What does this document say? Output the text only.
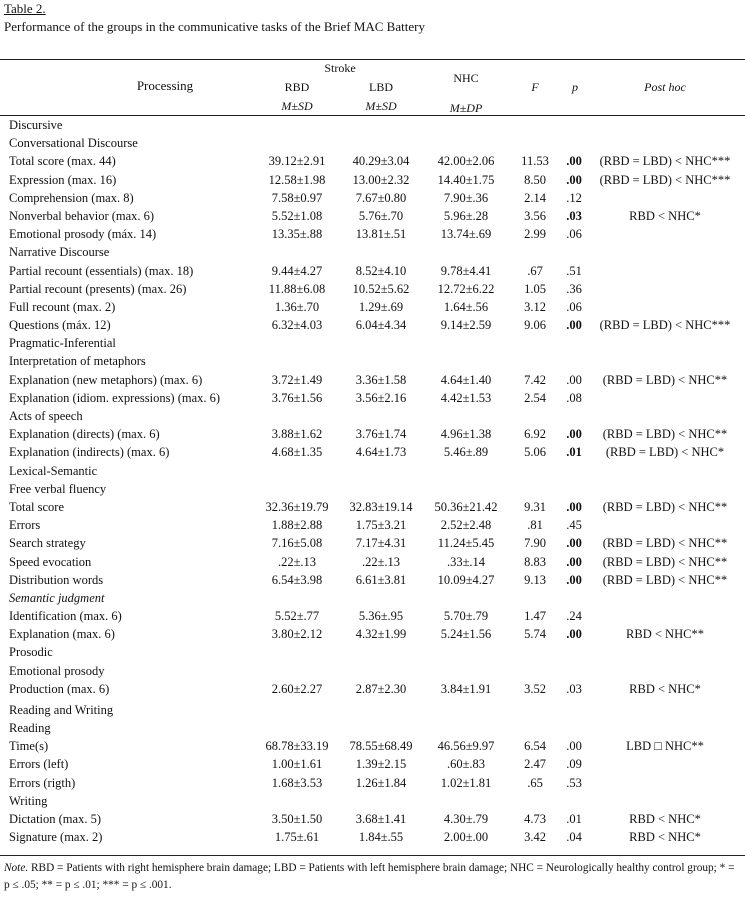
Table 2.
Performance of the groups in the communicative tasks of the Brief MAC Battery
Processing
Stroke
RBD	LBD
NHC
M±SD	M±SD	M±DP
F	p	Post hoc
Discursive
Conversational Discourse
Total score (max. 44)	39.12±2.91 40.29±3.04 42.00±2.06 11.53 .00 (RBD = LBD) < NHC***
Expression (max. 16)	12.58±1.98 13.00±2.32 14.40±1.75 8.50 .00 (RBD = LBD) < NHC***
Comprehension (max. 8)	7.58±0.97	7.67±0.80	7.90±.36	2.14 .12
Nonverbal behavior (max. 6)	5.52±1.08	5.76±.70	5.96±.28	3.56 .03	RBD < NHC*
Emotional prosody (máx. 14)	13.35±.88	13.81±.51	13.74±.69	2.99 .06
Narrative Discourse
Partial recount (essentials) (max. 18)	9.44±4.27	8.52±4.10	9.78±4.41	.67 .51
Partial recount (presents) (max. 26)	11.88±6.08 10.52±5.62 12.72±6.22 1.05 .36
Full recount (max. 2)	1.36±.70	1.29±.69	1.64±.56	3.12 .06
Questions (máx. 12)	6.32±4.03	6.04±4.34	9.14±2.59	9.06 .00 (RBD = LBD) < NHC***
Pragmatic-Inferential
Interpretation of metaphors
Explanation (new metaphors) (max. 6)	3.72±1.49	3.36±1.58	4.64±1.40	7.42 .00 (RBD = LBD) < NHC**
Explanation (idiom. expressions) (max. 6)	3.76±1.56	3.56±2.16	4.42±1.53	2.54 .08
Acts of speech
Explanation (directs) (max. 6)	3.88±1.62	3.76±1.74	4.96±1.38	6.92 .00 (RBD = LBD) < NHC**
Explanation (indirects) (max. 6)	4.68±1.35	4.64±1.73	5.46±.89	5.06 .01 (RBD = LBD) < NHC*
Lexical-Semantic
Free verbal fluency
Total score	32.36±19.79 32.83±19.14 50.36±21.42 9.31 .00 (RBD = LBD) < NHC**
Errors	1.88±2.88	1.75±3.21	2.52±2.48	.81 .45
Search strategy	7.16±5.08	7.17±4.31	11.24±5.45 7.90 .00 (RBD = LBD) < NHC**
Speed evocation	.22±.13	.22±.13	.33±.14	8.83 .00 (RBD = LBD) < NHC**
Distribution words	6.54±3.98	6.61±3.81	10.09±4.27 9.13 .00 (RBD = LBD) < NHC**
Semantic judgment
Identification (max. 6)	5.52±.77	5.36±.95	5.70±.79	1.47 .24
Explanation (max. 6)	3.80±2.12	4.32±1.99	5.24±1.56	5.74 .00	RBD < NHC**
Prosodic
Emotional prosody
Production (max. 6)	2.60±2.27	2.87±2.30	3.84±1.91	3.52 .03	RBD < NHC*
Reading and Writing
Reading
Time(s)	68.78±33.19 78.55±68.49 46.56±9.97 6.54 .00	LBD □ NHC**
Errors (left)	1.00±1.61	1.39±2.15	.60±.83	2.47 .09
Errors (rigth)	1.68±3.53	1.26±1.84	1.02±1.81	.65 .53
Writing
Dictation (max. 5)	3.50±1.50	3.68±1.41	4.30±.79	4.73 .01	RBD < NHC*
Signature (max. 2)	1.75±.61	1.84±.55	2.00±.00	3.42 .04	RBD < NHC*
Note. RBD = Patients with right hemisphere brain damage; LBD = Patients with left hemisphere brain damage; NHC = Neurologically healthy control group; * = p ≤ .05; ** = p ≤ .01; *** = p ≤ .001.
